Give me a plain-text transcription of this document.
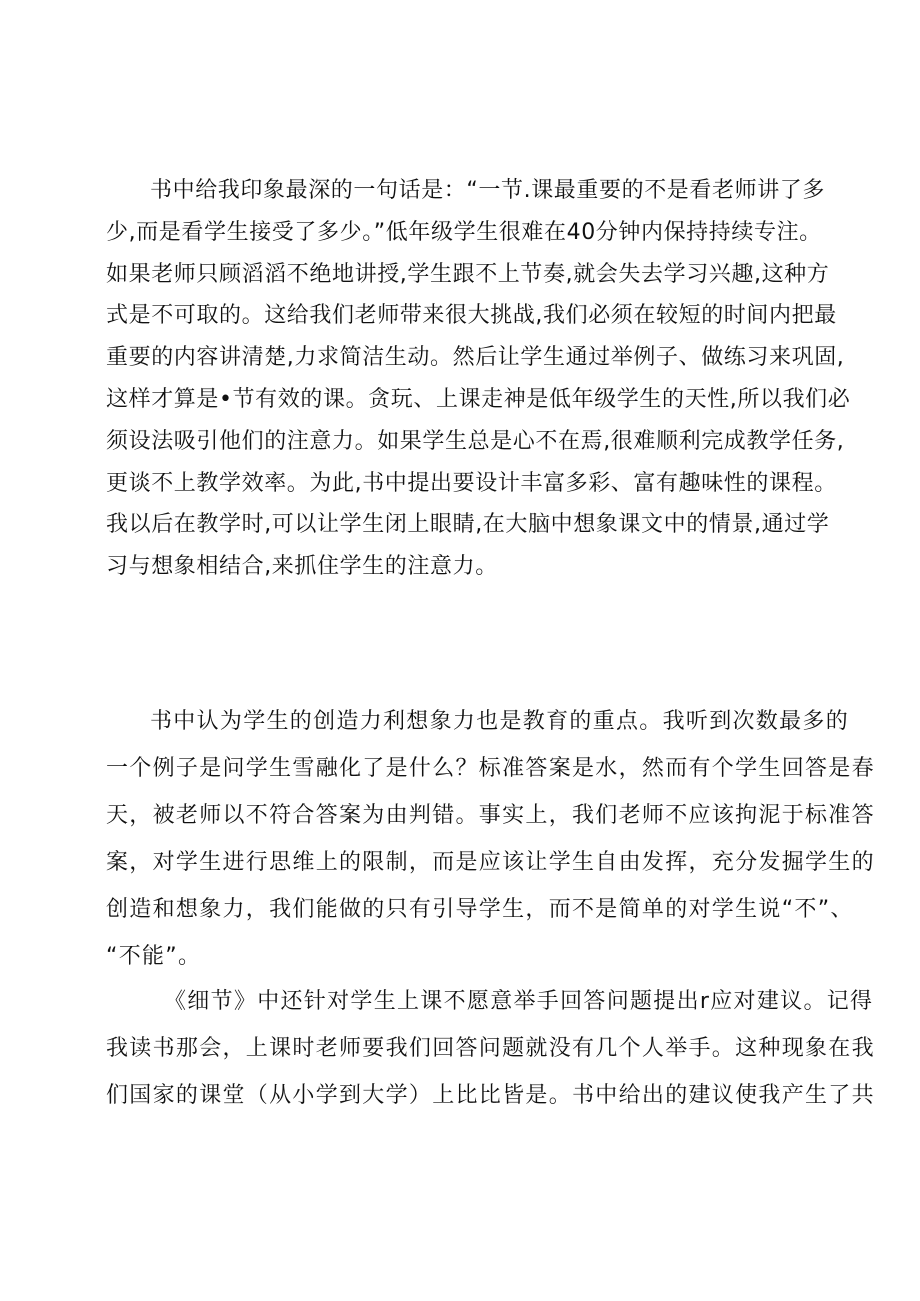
书中给我印象最深的一句话是：“一节.课最重要的不是看老师讲了多
少,而是看学生接受了多少。”低年级学生很难在40分钟内保持持续专注。
如果老师只顾滔滔不绝地讲授,学生跟不上节奏,就会失去学习兴趣,这种方
式是不可取的。这给我们老师带来很大挑战,我们必须在较短的时间内把最
重要的内容讲清楚,力求简洁生动。然后让学生通过举例子、做练习来巩固,
这样才算是•节有效的课。贪玩、上课走神是低年级学生的天性,所以我们必
须设法吸引他们的注意力。如果学生总是心不在焉,很难顺利完成教学任务,
更谈不上教学效率。为此,书中提出要设计丰富多彩、富有趣味性的课程。
我以后在教学时,可以让学生闭上眼睛,在大脑中想象课文中的情景,通过学
习与想象相结合,来抓住学生的注意力。
书中认为学生的创造力利想象力也是教育的重点。我听到次数最多的
一个例子是问学生雪融化了是什么？标准答案是水，然而有个学生回答是春
天，被老师以不符合答案为由判错。事实上，我们老师不应该拘泥于标准答
案，对学生进行思维上的限制，而是应该让学生自由发挥，充分发掘学生的
创造和想象力，我们能做的只有引导学生，而不是简单的对学生说“不”、
“不能”。
《细节》中还针对学生上课不愿意举手回答问题提出r应对建议。记得
我读书那会，上课时老师要我们回答问题就没有几个人举手。这种现象在我
们国家的课堂（从小学到大学）上比比皆是。书中给出的建议使我产生了共
